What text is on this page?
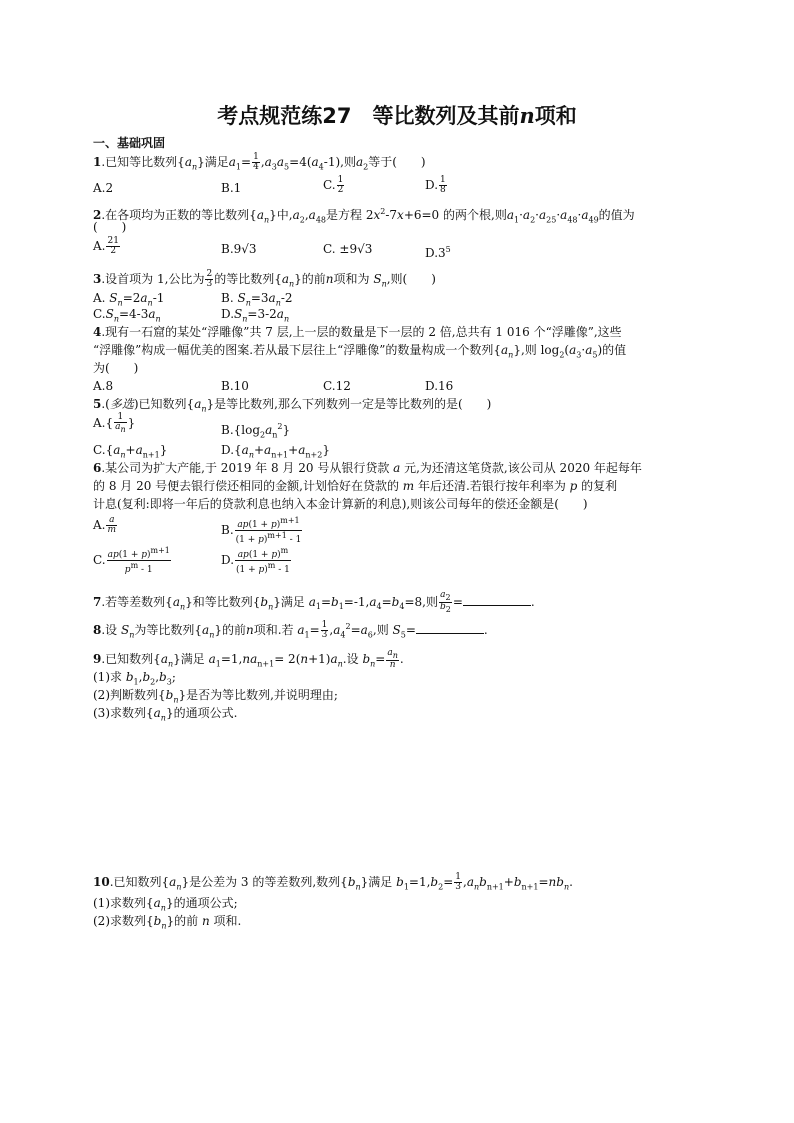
考点规范练27　等比数列及其前n项和
一、基础巩固
1.已知等比数列$\{a_n\}$满足$a_1= \frac{1}{4} ,a_3a_5=4(a_4-1)$,则$a_2$等于(　　)
A.2	B.1	C. $\frac{1}{2}$	D. $\frac{1}{8}$
2.在各项均为正数的等比数列$\{a_n\}$中$,a_2,a_{48}$是方程 $2x^2-7x+6=0$ 的两个根,则$a_1\cdot a_2\cdot a_{25}\cdot a_{48}\cdot a_{49}$的值为
(　　)
A. $\frac{21}{2}$	B.9√3	C. ±9√3	$D.3^5$
3.设首项为 1,公比为 $\frac{2}{3}$ 的等比数列$\{a_n\}$的前n项和为 $S_n$,则(　　)
A. $S_n=2a_n-1$	B. $S_n=3a_n-2$
$C.S_n=4-3a_n$	$D.S_n=3-2a_n$
4.现有一石窟的某处“浮雕像”共 7 层,上一层的数量是下一层的 2 倍,总共有 1 016 个“浮雕像”,这些
“浮雕像”构成一幅优美的图案.若从最下层往上“浮雕像”的数量构成一个数列$\{a_n\}$,则 $\log_2(a_3\cdot a_5)$的值
为(　　)
A.8	B.10	C.12	D.16
5.(多选)已知数列$\{a_n\}$是等比数列,那么下列数列一定是等比数列的是(　　)
$A.\{ \frac{1}{a_n}$ }
$B.\{\log_2a_n^2\}$
$C.\{a_n+a_{n+1}\}$	$D.\{a_n+a_{n+1}+a_{n+2}\}$
6.某公司为扩大产能,于 2019 年 8 月 20 号从银行贷款 a 元,为还清这笔贷款,该公司从 2020 年起每年
的 8 月 20 号便去银行偿还相同的金额,计划恰好在贷款的 m 年后还清.若银行按年利率为 p 的复利
计息(复利:即将一年后的贷款利息也纳入本金计算新的利息),则该公司每年的偿还金额是(　　)
A. $\frac{a}{m}$	B. $\frac{ap(1 + p)^{m+1}}{(1 + p)^{m+1} - 1}$
C. $\frac{ap(1 + p)^{m+1}}{p^m - 1}$	D. $\frac{ap(1 + p)^m}{(1 + p)^m - 1}$
7.若等差数列$\{a_n\}$和等比数列$\{b_n\}$满足 $a_1=b_1=-1,a_4=b_4=8$,则 $\frac{a_2}{b_2}$ =	.
8.设 $S_n$为等比数列$\{a_n\}$的前n项和.若 $a_1= \frac{1}{3} ,a_4^2=a_6$,则 $S_5=$	.
9.已知数列$\{a_n\}$满足 $a_1=1,na_{n+1}= 2(n+1)a_n$.设 $b_n= \frac{a_n}{n}$ .
(1)求 $b_1,b_2,b_3$;
(2)判断数列$\{b_n\}$是否为等比数列,并说明理由;
(3)求数列$\{a_n\}$的通项公式.
10.已知数列$\{a_n\}$是公差为 3 的等差数列,数列$\{b_n\}$满足 $b_1=1,b_2= \frac{1}{3} ,a_nb_{n+1}+b_{n+1}=nb_n$.
(1)求数列$\{a_n\}$的通项公式;
(2)求数列$\{b_n\}$的前 n 项和.
